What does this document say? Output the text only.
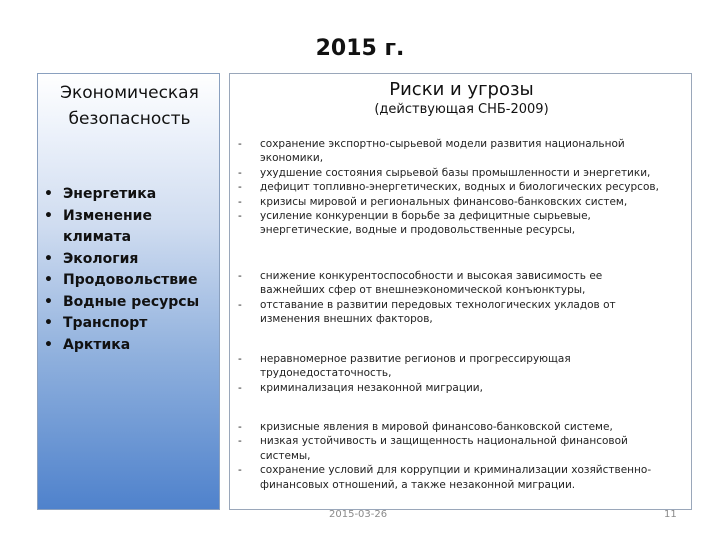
2015 г.
Экономическая
безопасность
• Энергетика
• Изменение климата
• Экология
• Продовольствие
• Водные ресурсы
• Транспорт
• Арктика
Риски и угрозы
(действующая СНБ-2009)
- сохранение экспортно-сырьевой модели развития национальной
экономики,
- ухудшение состояния сырьевой базы промышленности и энергетики,
- дефицит топливно-энергетических, водных и биологических ресурсов,
- кризисы мировой и региональных финансово-банковских систем,
- усиление конкуренции в борьбе за дефицитные сырьевые,
энергетические, водные и продовольственные ресурсы,
- снижение конкурентоспособности и высокая зависимость ее
важнейших сфер от внешнеэкономической конъюнктуры,
- отставание в развитии передовых технологических укладов от
изменения внешних факторов,
- неравномерное развитие регионов и прогрессирующая
трудонедостаточность,
- криминализация незаконной миграции,
- кризисные явления в мировой финансово-банковской системе,
- низкая устойчивость и защищенность национальной финансовой
системы,
- сохранение условий для коррупции и криминализации хозяйственно-
финансовых отношений, а также незаконной миграции.
2015-03-26	11
